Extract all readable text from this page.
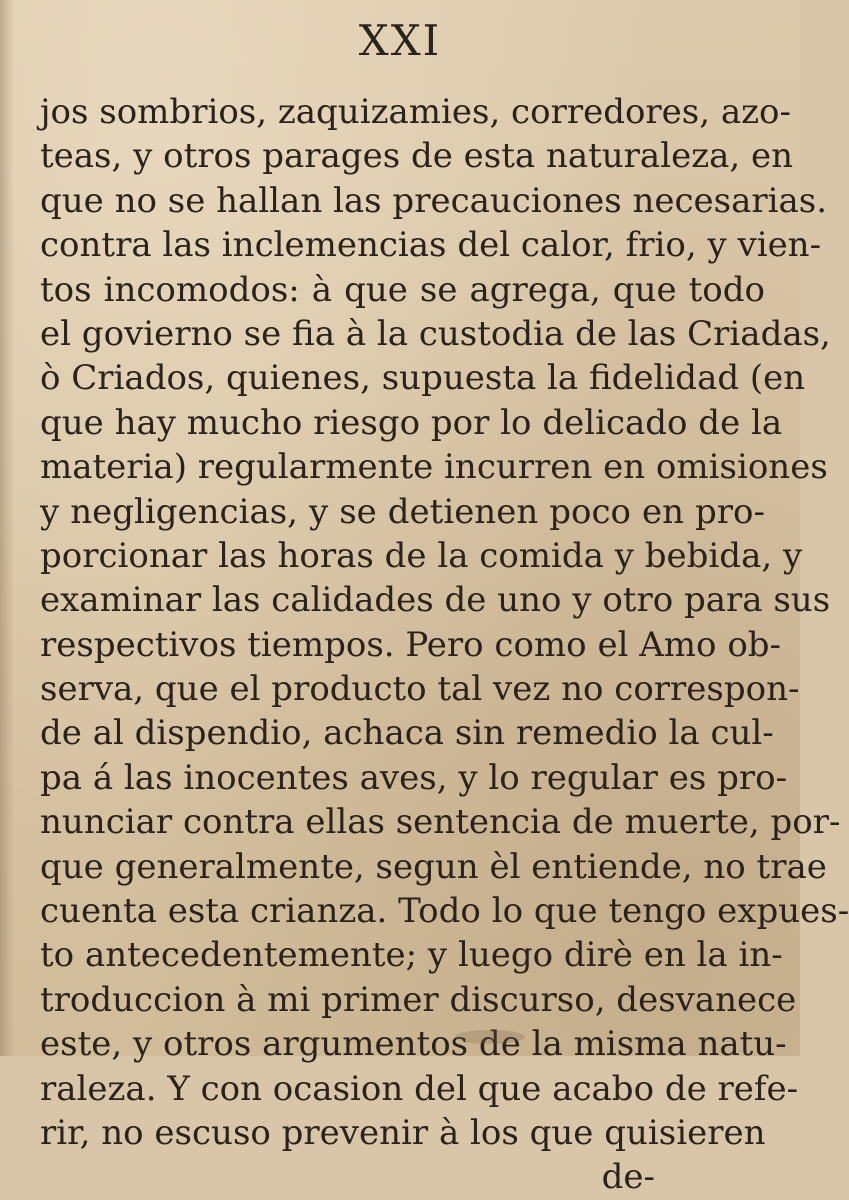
XXI
jos sombrios, zaquizamies, corredores, azo-
teas, y otros parages de esta naturaleza, en
que no se hallan las precauciones necesarias.
contra las inclemencias del calor, frio, y vien-
tos incomodos: à que se agrega, que todo
el govierno se fia à la custodia de las Criadas,
ò Criados, quienes, supuesta la fidelidad (en
que hay mucho riesgo por lo delicado de la
materia) regularmente incurren en omisiones
y negligencias, y se detienen poco en pro-
porcionar las horas de la comida y bebida, y
examinar las calidades de uno y otro para sus
respectivos tiempos. Pero como el Amo ob-
serva, que el producto tal vez no correspon-
de al dispendio, achaca sin remedio la cul-
pa á las inocentes aves, y lo regular es pro-
nunciar contra ellas sentencia de muerte, por-
que generalmente, segun èl entiende, no trae
cuenta esta crianza. Todo lo que tengo expues-
to antecedentemente; y luego dirè en la in-
troduccion à mi primer discurso, desvanece
este, y otros argumentos de la misma natu-
raleza. Y con ocasion del que acabo de refe-
rir, no escuso prevenir à los que quisieren
de-
